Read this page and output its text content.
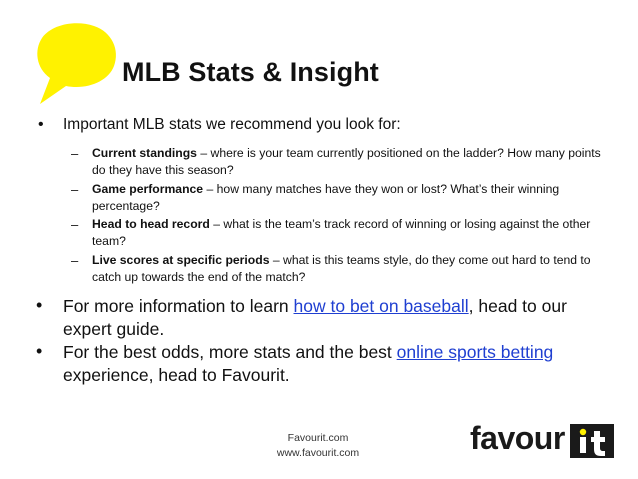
MLB Stats & Insight
• Important MLB stats we recommend you look for:
– Current standings – where is your team currently positioned on the ladder? How many points do they have this season?
– Game performance – how many matches have they won or lost? What’s their winning percentage?
– Head to head record – what is the team’s track record of winning or losing against the other team?
– Live scores at specific periods – what is this teams style, do they come out hard to tend to catch up towards the end of the match?
• For more information to learn how to bet on baseball, head to our expert guide.
• For the best odds, more stats and the best online sports betting experience, head to Favourit.
Favourit.com
www.favourit.com	favour
